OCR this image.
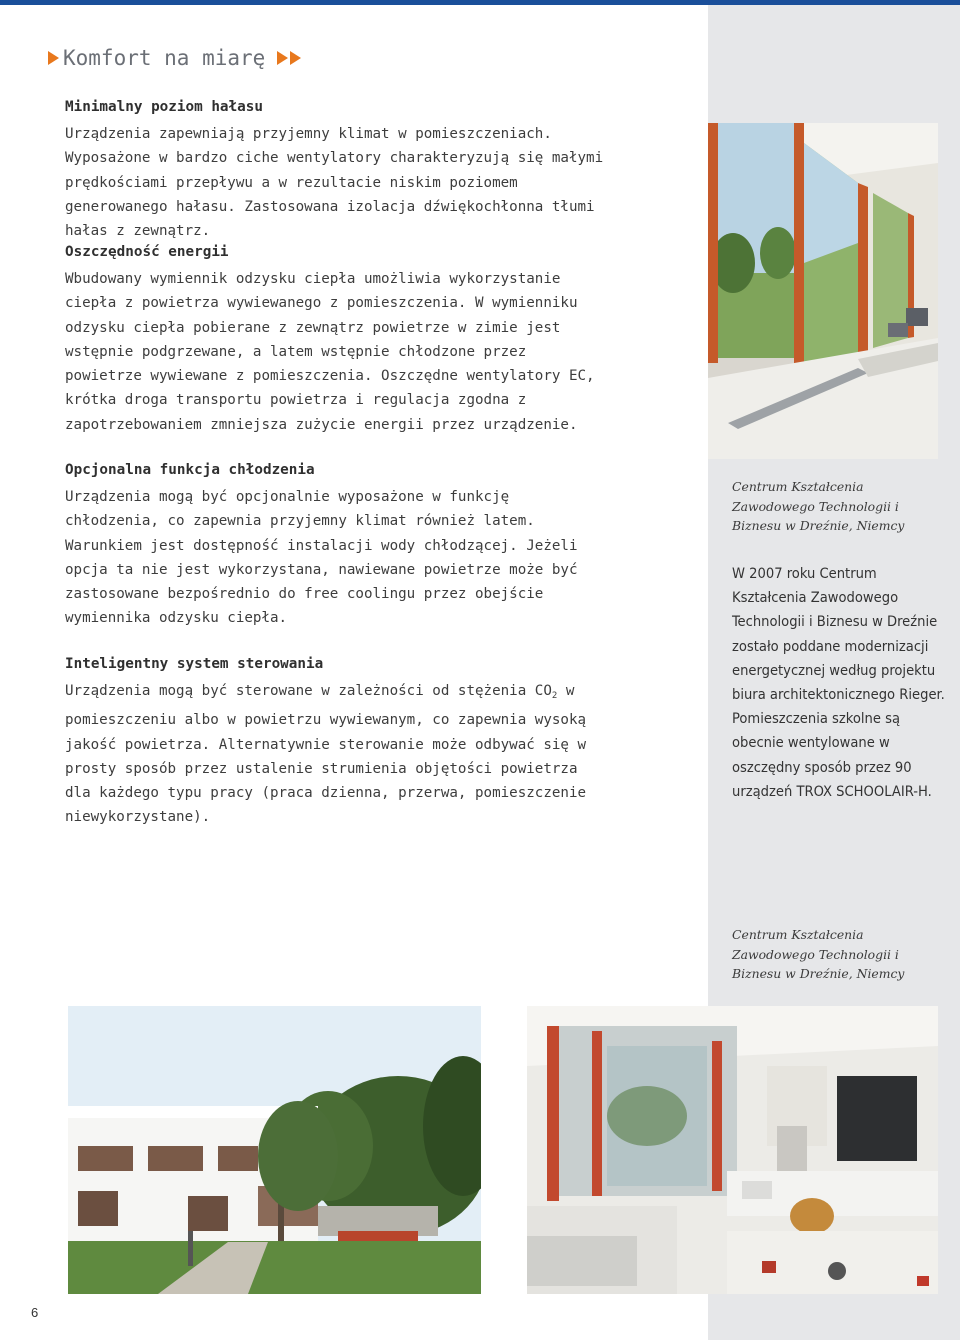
Komfort na miarę
Minimalny poziom hałasu

Urządzenia zapewniają przyjemny klimat w pomieszczeniach. Wyposażone w bardzo ciche wentylatory charakteryzują się małymi prędkościami przepływu a w rezultacie niskim poziomem generowanego hałasu. Zastosowana izolacja dźwiękochłonna tłumi hałas z zewnątrz.

Oszczędność energii

Wbudowany wymiennik odzysku ciepła umożliwia wykorzystanie ciepła z powietrza wywiewanego z pomieszczenia. W wymienniku odzysku ciepła pobierane z zewnątrz powietrze w zimie jest wstępnie podgrzewane, a latem wstępnie chłodzone przez powietrze wywiewane z pomieszczenia. Oszczędne wentylatory EC, krótka droga transportu powietrza i regulacja zgodna z zapotrzebowaniem zmniejsza zużycie energii przez urządzenie.

Opcjonalna funkcja chłodzenia

Urządzenia mogą być opcjonalnie wyposażone w funkcję chłodzenia, co zapewnia przyjemny klimat również latem. Warunkiem jest dostępność instalacji wody chłodzącej. Jeżeli opcja ta nie jest wykorzystana, nawiewane powietrze może być zastosowane bezpośrednio do free coolingu przez obejście wymiennika odzysku ciepła.

Inteligentny system sterowania

Urządzenia mogą być sterowane w zależności od stężenia $CO_2$ w pomieszczeniu albo w powietrzu wywiewanym, co zapewnia wysoką jakość powietrza. Alternatywnie sterowanie może odbywać się w prosty sposób przez ustalenie strumienia objętości powietrza dla każdego typu pracy (praca dzienna, przerwa, pomieszczenie niewykorzystane).

Centrum Kształcenia Zawodowego Technologii i Biznesu w Dreźnie, Niemcy
W 2007 roku Centrum Kształcenia Zawodowego Technologii i Biznesu w Dreźnie zostało poddane modernizacji energetycznej według projektu biura architektonicznego Rieger. Pomieszczenia szkolne są obecnie wentylowane w oszczędny sposób przez 90 urządzeń TROX SCHOOLAIR-H.
Centrum Kształcenia Zawodowego Technologii i Biznesu w Dreźnie, Niemcy
6
